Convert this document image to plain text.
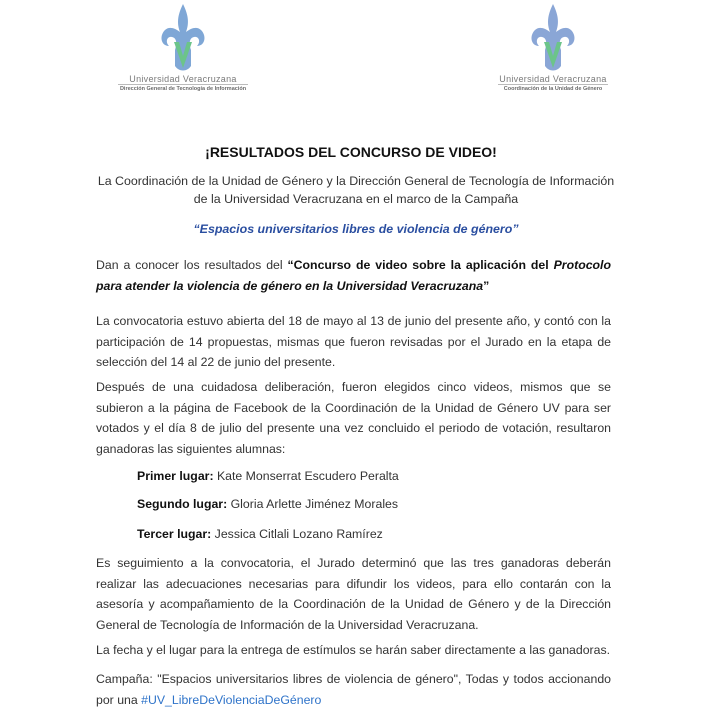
Universidad Veracruzana
Dirección General de Tecnología de Información
Universidad Veracruzana
Coordinación de la Unidad de Género
¡RESULTADOS DEL CONCURSO DE VIDEO!
La Coordinación de la Unidad de Género y la Dirección General de Tecnología de Información de la Universidad Veracruzana en el marco de la Campaña
“Espacios universitarios libres de violencia de género”
Dan a conocer los resultados del “Concurso de video sobre la aplicación del Protocolo para atender la violencia de género en la Universidad Veracruzana”
La convocatoria estuvo abierta del 18 de mayo al 13 de junio del presente año, y contó con la participación de 14 propuestas, mismas que fueron revisadas por el Jurado en la etapa de selección del 14 al 22 de junio del presente.
Después de una cuidadosa deliberación, fueron elegidos cinco videos, mismos que se subieron a la página de Facebook de la Coordinación de la Unidad de Género UV para ser votados y el día 8 de julio del presente una vez concluido el periodo de votación, resultaron ganadoras las siguientes alumnas:
Primer lugar: Kate Monserrat Escudero Peralta
Segundo lugar: Gloria Arlette Jiménez Morales
Tercer lugar: Jessica Citlali Lozano Ramírez
Es seguimiento a la convocatoria, el Jurado determinó que las tres ganadoras deberán realizar las adecuaciones necesarias para difundir los videos, para ello contarán con la asesoría y acompañamiento de la Coordinación de la Unidad de Género y de la Dirección General de Tecnología de Información de la Universidad Veracruzana.
La fecha y el lugar para la entrega de estímulos se harán saber directamente a las ganadoras.
Campaña: "Espacios universitarios libres de violencia de género", Todas y todos accionando por una #UV_LibreDeViolenciaDeGénero
